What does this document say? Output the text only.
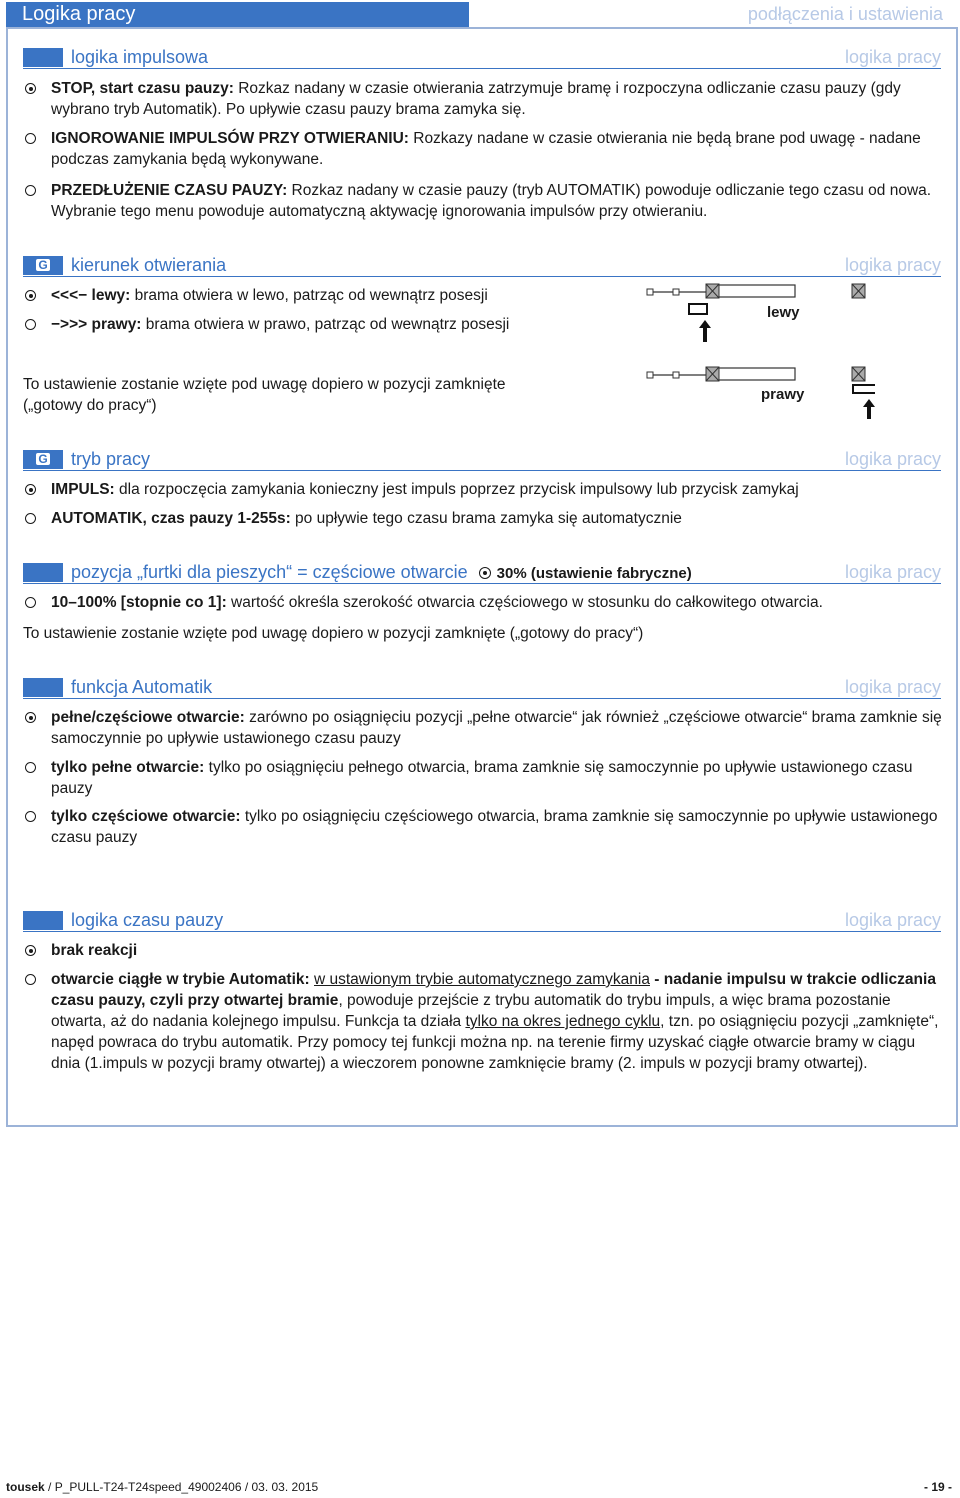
Logika pracy	podłączenia i ustawienia
logika impulsowa	logika pracy
STOP, start czasu pauzy: Rozkaz nadany w czasie otwierania zatrzymuje bramę i rozpoczyna odliczanie czasu pauzy (gdy wybrano tryb Automatik). Po upływie czasu pauzy brama zamyka się.
IGNOROWANIE IMPULSÓW PRZY OTWIERANIU: Rozkazy nadane w czasie otwierania nie będą brane pod uwagę - nadane podczas zamykania będą wykonywane.
PRZEDŁUŻENIE CZASU PAUZY: Rozkaz nadany w czasie pauzy (tryb AUTOMATIK) powoduje odliczanie tego czasu od nowa. Wybranie tego menu powoduje automatyczną aktywację ignorowania impulsów przy otwieraniu.
G	kierunek otwierania	logika pracy
<<<− lewy: brama otwiera w lewo, patrząc od wewnątrz posesji
−>>> prawy: brama otwiera w prawo, patrząc od wewnątrz posesji
To ustawienie zostanie wzięte pod uwagę dopiero w pozycji zamknięte
(„gotowy do pracy“)
lewy
prawy
G	tryb pracy	logika pracy
IMPULS: dla rozpoczęcia zamykania konieczny jest impuls poprzez przycisk impulsowy lub przycisk zamykaj
AUTOMATIK, czas pauzy 1-255s: po upływie tego czasu brama zamyka się automatycznie
pozycja „furtki dla pieszych“ = częściowe otwarcie 30% (ustawienie fabryczne)	logika pracy
10–100% [stopnie co 1]: wartość określa szerokość otwarcia częściowego w stosunku do całkowitego otwarcia.
To ustawienie zostanie wzięte pod uwagę dopiero w pozycji zamknięte („gotowy do pracy“)
funkcja Automatik	logika pracy
pełne/częściowe otwarcie: zarówno po osiągnięciu pozycji „pełne otwarcie“ jak również „częściowe otwarcie“ brama zamknie się samoczynnie po upływie ustawionego czasu pauzy
tylko pełne otwarcie: tylko po osiągnięciu pełnego otwarcia, brama zamknie się samoczynnie po upływie ustawionego czasu pauzy
tylko częściowe otwarcie: tylko po osiągnięciu częściowego otwarcia, brama zamknie się samoczynnie po upływie ustawionego czasu pauzy
logika czasu pauzy	logika pracy
brak reakcji
otwarcie ciągłe w trybie Automatik: w ustawionym trybie automatycznego zamykania - nadanie impulsu w trakcie odliczania czasu pauzy, czyli przy otwartej bramie, powoduje przejście z trybu automatik do trybu impuls, a więc brama pozostanie otwarta, aż do nadania kolejnego impulsu. Funkcja ta działa tylko na okres jednego cyklu, tzn. po osiągnięciu pozycji „zamknięte“, napęd powraca do trybu automatik. Przy pomocy tej funkcji można np. na terenie firmy uzyskać ciągłe otwarcie bramy w ciągu dnia (1.impuls w pozycji bramy otwartej) a wieczorem ponowne zamknięcie bramy (2. impuls w pozycji bramy otwartej).
tousek / P_PULL-T24-T24speed_49002406 / 03. 03. 2015	- 19 -
